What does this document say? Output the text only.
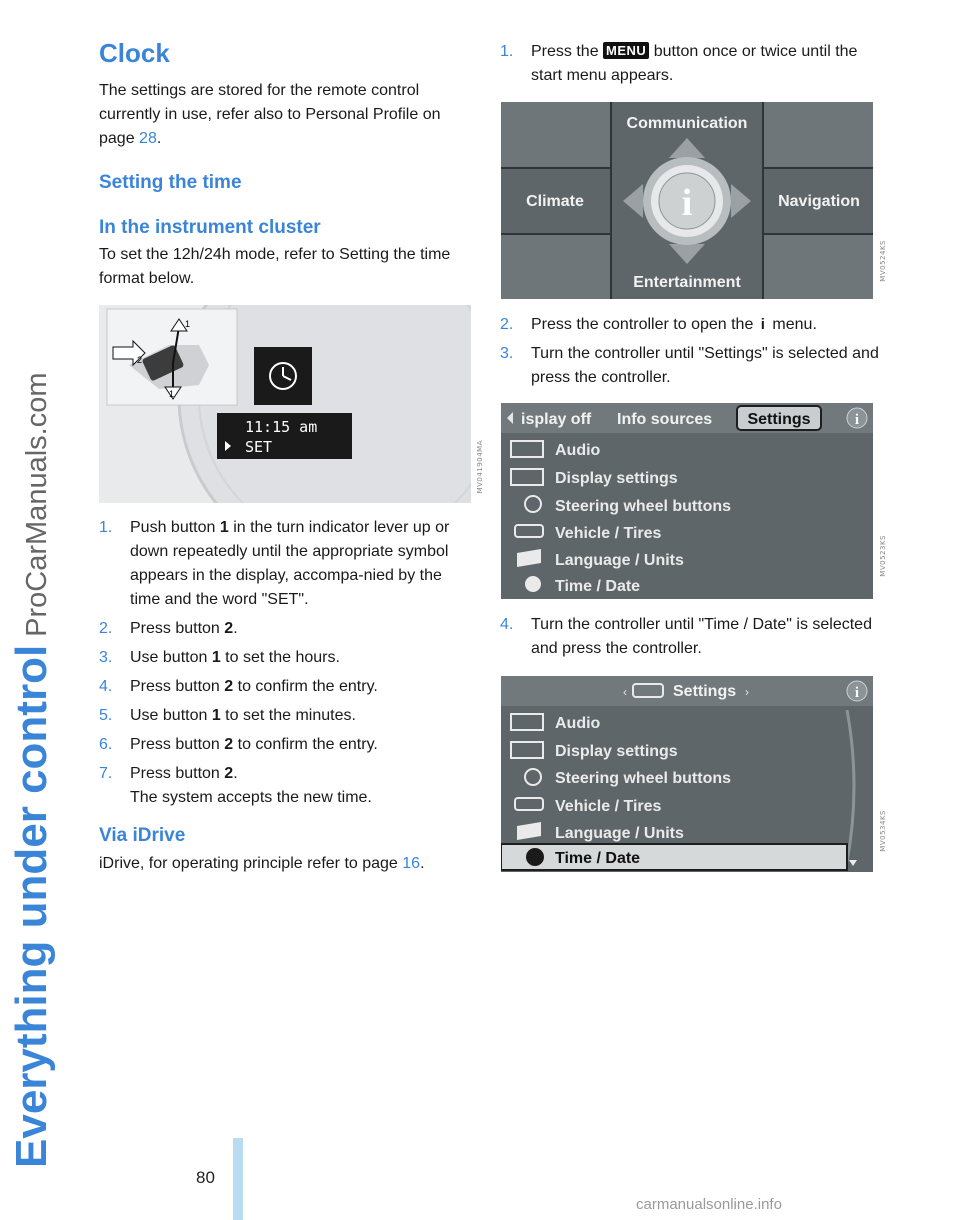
Everything under control
ProCarManuals.com
80
Clock
The settings are stored for the remote control currently in use, refer also to Personal Profile on page 28.
Setting the time
In the instrument cluster
To set the 12h/24h mode, refer to Setting the time format below.
1
2
1
11:15 am
SET	MV041904MA
1. Push button 1 in the turn indicator lever up or down repeatedly until the appropriate symbol appears in the display, accompa-nied by the time and the word "SET".
2. Press button 2.
3. Use button 1 to set the hours.
4. Press button 2 to confirm the entry.
5. Use button 1 to set the minutes.
6. Press button 2 to confirm the entry.
7. Press button 2.
The system accepts the new time.
Via iDrive
iDrive, for operating principle refer to page 16.
1. Press the MENU button once or twice until the start menu appears.
i
Communication
Climate	Navigation
Entertainment
MV0524KS
2. Press the controller to open the i menu.
3. Turn the controller until "Settings" is selected and press the controller.
isplay off Info sources Settings	i
Audio
Display settings
Steering wheel buttons
Vehicle / Tires
Language / Units
Time / Date
MV0523KS
4. Turn the controller until "Time / Date" is selected and press the controller.
‹	Settings ›	i
Audio
Display settings
Steering wheel buttons
Vehicle / Tires
Language / Units
Time / Date
MV0534KS
carmanualsonline.info
